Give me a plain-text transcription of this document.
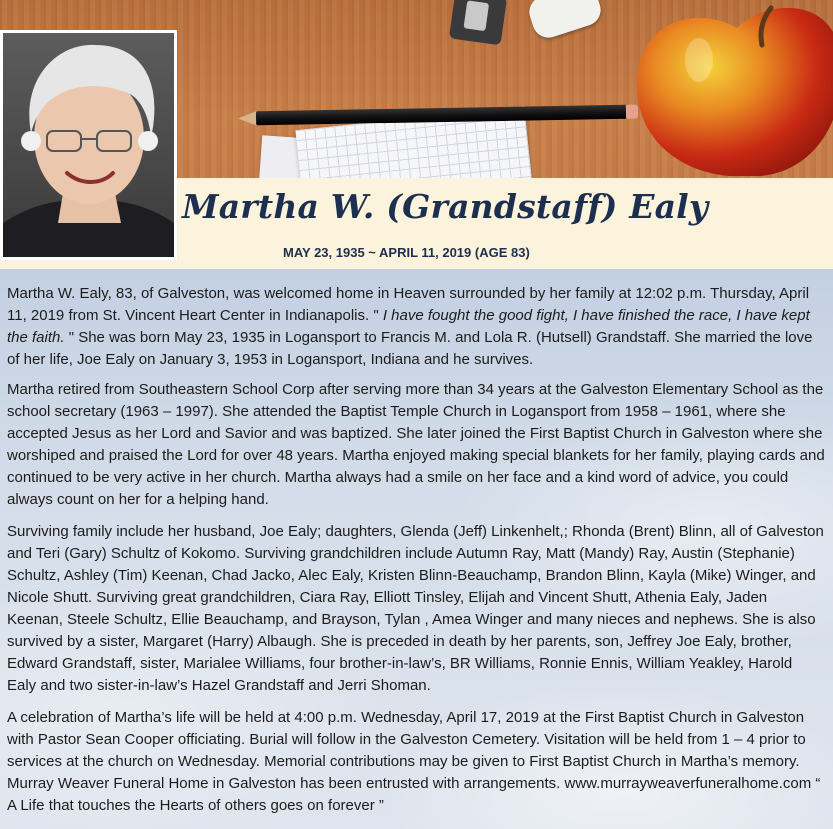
Martha W. (Grandstaff) Ealy
MAY 23, 1935 ~ APRIL 11, 2019 (AGE 83)

Martha W. Ealy, 83, of Galveston, was welcomed home in Heaven surrounded by her family at 12:02 p.m. Thursday, April 11, 2019 from St. Vincent Heart Center in Indianapolis. " I have fought the good fight, I have finished the race, I have kept the faith. " She was born May 23, 1935 in Logansport to Francis M. and Lola R. (Hutsell) Grandstaff. She married the love of her life, Joe Ealy on January 3, 1953 in Logansport, Indiana and he survives.

Martha retired from Southeastern School Corp after serving more than 34 years at the Galveston Elementary School as the school secretary (1963 – 1997). She attended the Baptist Temple Church in Logansport from 1958 – 1961, where she accepted Jesus as her Lord and Savior and was baptized. She later joined the First Baptist Church in Galveston where she worshiped and praised the Lord for over 48 years. Martha enjoyed making special blankets for her family, playing cards and continued to be very active in her church. Martha always had a smile on her face and a kind word of advice, you could always count on her for a helping hand.

Surviving family include her husband, Joe Ealy; daughters, Glenda (Jeff) Linkenhelt,; Rhonda (Brent) Blinn, all of Galveston and Teri (Gary) Schultz of Kokomo. Surviving grandchildren include Autumn Ray, Matt (Mandy) Ray, Austin (Stephanie) Schultz, Ashley (Tim) Keenan, Chad Jacko, Alec Ealy, Kristen Blinn-Beauchamp, Brandon Blinn, Kayla (Mike) Winger, and Nicole Shutt. Surviving great grandchildren, Ciara Ray, Elliott Tinsley, Elijah and Vincent Shutt, Athenia Ealy, Jaden Keenan, Steele Schultz, Ellie Beauchamp, and Brayson, Tylan , Amea Winger and many nieces and nephews. She is also survived by a sister, Margaret (Harry) Albaugh. She is preceded in death by her parents, son, Jeffrey Joe Ealy, brother, Edward Grandstaff, sister, Marialee Williams, four brother-in-law’s, BR Williams, Ronnie Ennis, William Yeakley, Harold Ealy and two sister-in-law’s Hazel Grandstaff and Jerri Shoman.

A celebration of Martha’s life will be held at 4:00 p.m. Wednesday, April 17, 2019 at the First Baptist Church in Galveston with Pastor Sean Cooper officiating. Burial will follow in the Galveston Cemetery. Visitation will be held from 1 – 4 prior to services at the church on Wednesday. Memorial contributions may be given to First Baptist Church in Martha’s memory. Murray Weaver Funeral Home in Galveston has been entrusted with arrangements. www.murrayweaverfuneralhome.com “ A Life that touches the Hearts of others goes on forever ”
